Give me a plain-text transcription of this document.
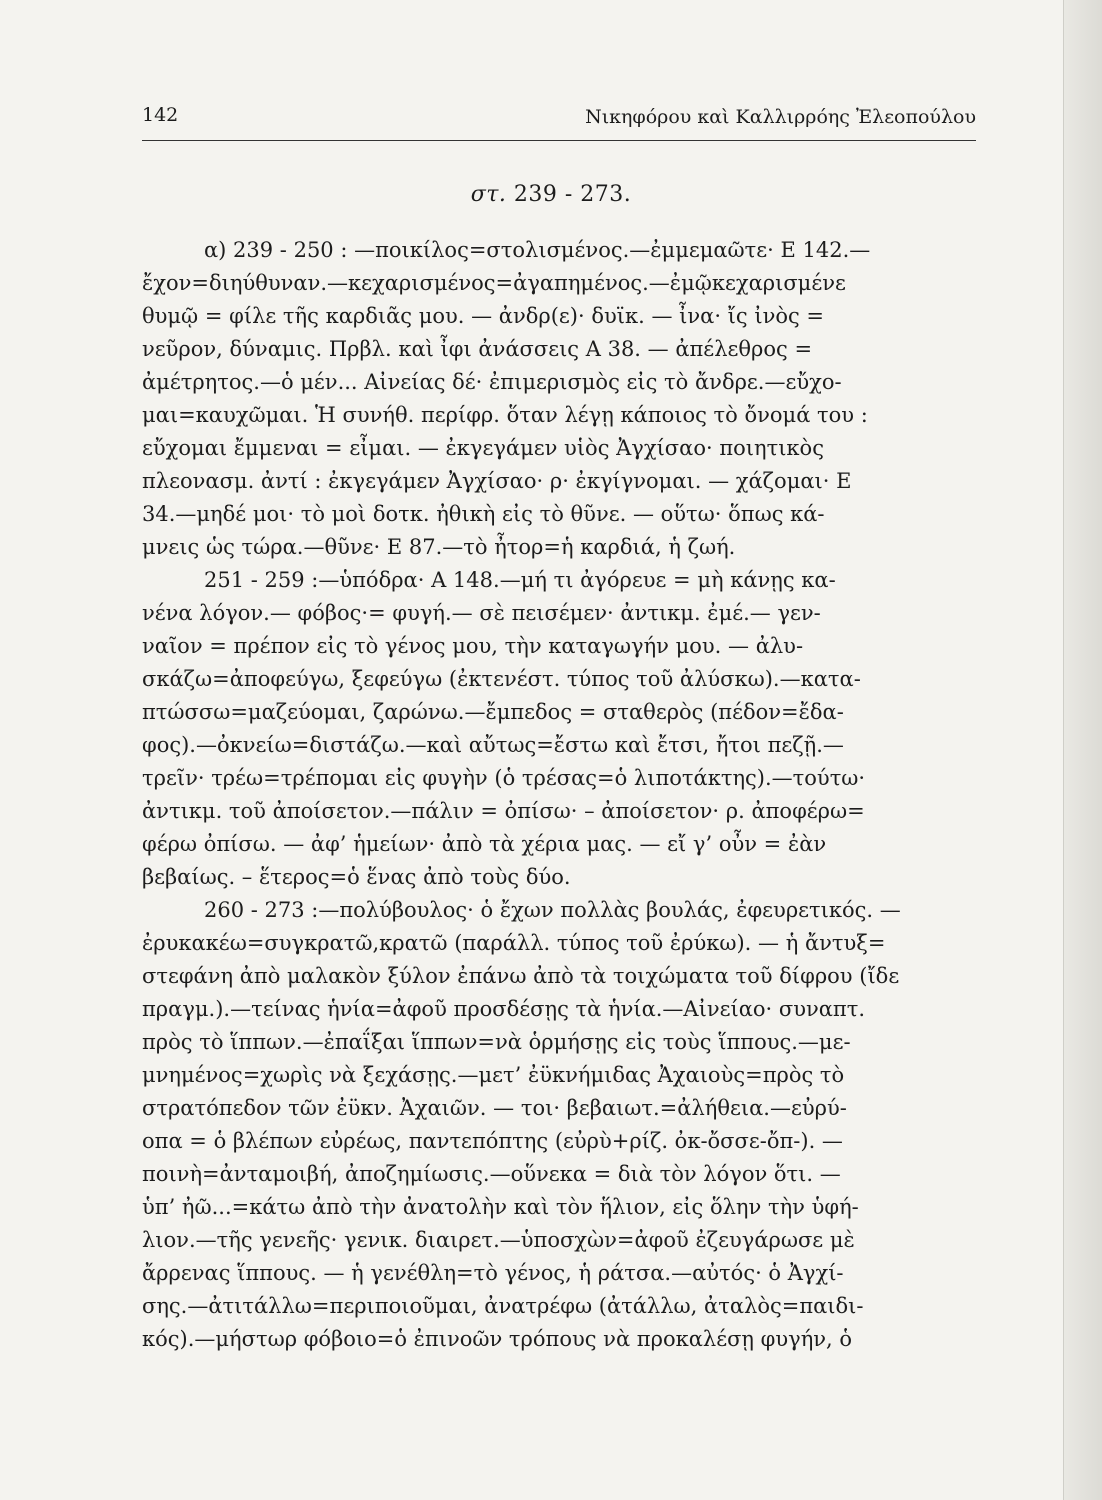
142	Νικηφόρου καὶ Καλλιρρόης Ἐλεοπούλου
στ. 239 - 273.
α) 239 - 250 : —ποικίλος=στολισμένος.—ἐμμεμαῶτε· Ε 142.—
ἔχον=διηύθυναν.—κεχαρισμένος=ἀγαπημένος.—ἐμῷκεχαρισμένε
θυμῷ = φίλε τῆς καρδιᾶς μου. — ἀνδρ(ε)· δυϊκ. — ἶνα· ἴς ἰνὸς =
νεῦρον, δύναμις. Πρβλ. καὶ ἶφι ἀνάσσεις Α 38. — ἀπέλεθρος =
ἀμέτρητος.—ὁ μέν... Αἰνείας δέ· ἐπιμερισμὸς εἰς τὸ ἄνδρε.—εὔχο-
μαι=καυχῶμαι. Ἡ συνήθ. περίφρ. ὅταν λέγῃ κάποιος τὸ ὄνομά του :
εὔχομαι ἔμμεναι = εἶμαι. — ἐκγεγάμεν υἱὸς Ἀγχίσαο· ποιητικὸς
πλεονασμ. ἀντί : ἐκγεγάμεν Ἀγχίσαο· ρ· ἐκγίγνομαι. — χάζομαι· Ε
34.—μηδέ μοι· τὸ μοὶ δοτκ. ἠθικὴ εἰς τὸ θῦνε. — οὕτω· ὅπως κά-
μνεις ὡς τώρα.—θῦνε· Ε 87.—τὸ ἦτορ=ἡ καρδιά, ἡ ζωή.
251 - 259 :—ὑπόδρα· Α 148.—μή τι ἀγόρευε = μὴ κάνῃς κα-
νένα λόγον.— φόβος·= φυγή.— σὲ πεισέμεν· ἀντικμ. ἐμέ.— γεν-
ναῖον = πρέπον εἰς τὸ γένος μου, τὴν καταγωγήν μου. — ἀλυ-
σκάζω=ἀποφεύγω, ξεφεύγω (ἐκτενέστ. τύπος τοῦ ἀλύσκω).—κατα-
πτώσσω=μαζεύομαι, ζαρώνω.—ἔμπεδος = σταθερὸς (πέδον=ἔδα-
φος).—ὀκνείω=διστάζω.—καὶ αὔτως=ἔστω καὶ ἔτσι, ἤτοι πεζῇ.—
τρεῖν· τρέω=τρέπομαι εἰς φυγὴν (ὁ τρέσας=ὁ λιποτάκτης).—τούτω·
ἀντικμ. τοῦ ἀποίσετον.—πάλιν = ὀπίσω· – ἀποίσετον· ρ. ἀποφέρω=
φέρω ὀπίσω. — ἀφ’ ἡμείων· ἀπὸ τὰ χέρια μας. — εἴ γ’ οὖν = ἐὰν
βεβαίως. – ἕτερος=ὁ ἕνας ἀπὸ τοὺς δύο.
260 - 273 :—πολύβουλος· ὁ ἔχων πολλὰς βουλάς, ἐφευρετικός. —
ἐρυκακέω=συγκρατῶ,κρατῶ (παράλλ. τύπος τοῦ ἐρύκω). — ἡ ἄντυξ=
στεφάνη ἀπὸ μαλακὸν ξύλον ἐπάνω ἀπὸ τὰ τοιχώματα τοῦ δίφρου (ἴδε
πραγμ.).—τείνας ἡνία=ἀφοῦ προσδέσῃς τὰ ἡνία.—Αἰνείαο· συναπτ.
πρὸς τὸ ἵππων.—ἐπαΐξαι ἵππων=νὰ ὁρμήσῃς εἰς τοὺς ἵππους.—με-
μνημένος=χωρὶς νὰ ξεχάσῃς.—μετ’ ἐϋκνήμιδας Ἀχαιοὺς=πρὸς τὸ
στρατόπεδον τῶν ἐϋκν. Ἀχαιῶν. — τοι· βεβαιωτ.=ἀλήθεια.—εὐρύ-
οπα = ὁ βλέπων εὐρέως, παντεπόπτης (εὐρὺ+ρίζ. ὀκ-ὄσσε-ὄπ-). —
ποινὴ=ἀνταμοιβή, ἀποζημίωσις.—οὕνεκα = διὰ τὸν λόγον ὅτι. —
ὑπ’ ἠῶ...=κάτω ἀπὸ τὴν ἀνατολὴν καὶ τὸν ἥλιον, εἰς ὅλην τὴν ὑφή-
λιον.—τῆς γενεῆς· γενικ. διαιρετ.—ὑποσχὼν=ἀφοῦ ἐζευγάρωσε μὲ
ἄρρενας ἵππους. — ἡ γενέθλη=τὸ γένος, ἡ ράτσα.—αὐτός· ὁ Ἀγχί-
σης.—ἀτιτάλλω=περιποιοῦμαι, ἀνατρέφω (ἀτάλλω, ἀταλὸς=παιδι-
κός).—μήστωρ φόβοιο=ὁ ἐπινοῶν τρόπους νὰ προκαλέσῃ φυγήν, ὁ
